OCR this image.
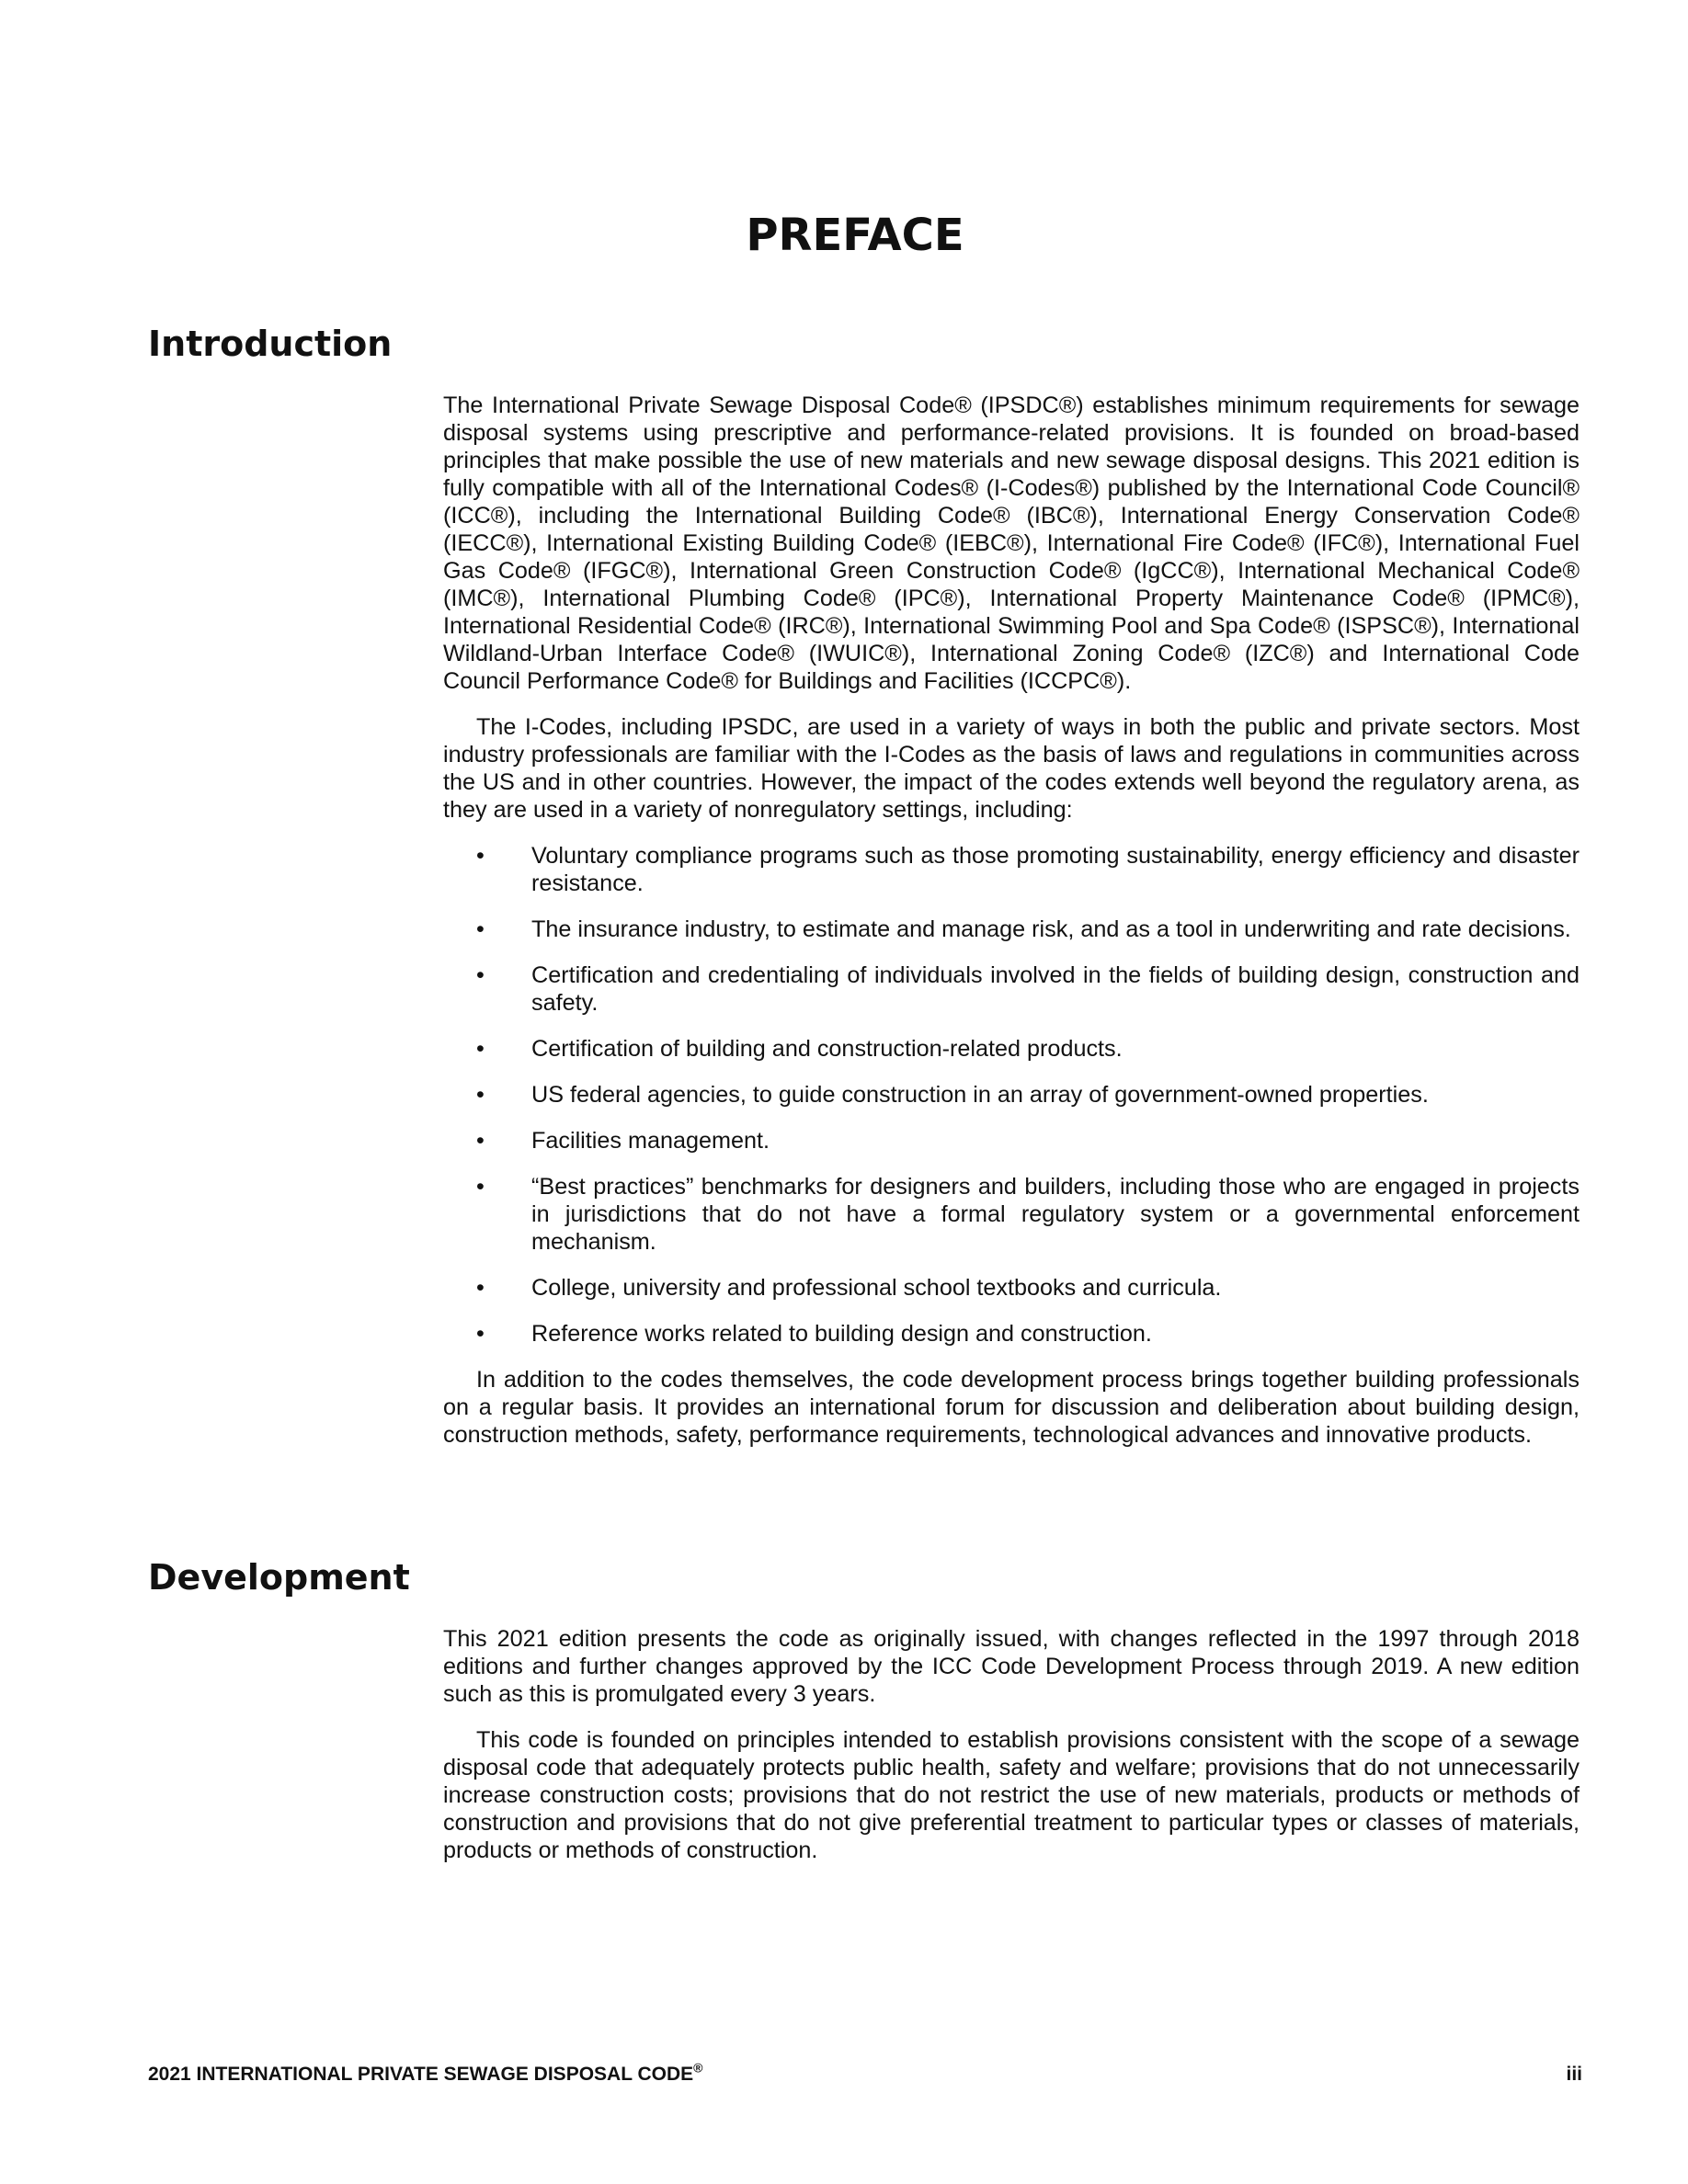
PREFACE
Introduction

The International Private Sewage Disposal Code® (IPSDC®) establishes minimum requirements for sewage disposal systems using prescriptive and performance-related provisions. It is founded on broad-based principles that make possible the use of new materials and new sewage disposal designs. This 2021 edition is fully compatible with all of the International Codes® (I-Codes®) published by the International Code Council® (ICC®), including the International Building Code® (IBC®), International Energy Conservation Code® (IECC®), International Existing Building Code® (IEBC®), International Fire Code® (IFC®), International Fuel Gas Code® (IFGC®), International Green Construction Code® (IgCC®), International Mechanical Code® (IMC®), International Plumbing Code® (IPC®), International Property Maintenance Code® (IPMC®), International Residential Code® (IRC®), International Swimming Pool and Spa Code® (ISPSC®), International Wildland-Urban Interface Code® (IWUIC®), International Zoning Code® (IZC®) and International Code Council Performance Code® for Buildings and Facilities (ICCPC®).

The I-Codes, including IPSDC, are used in a variety of ways in both the public and private sectors. Most industry professionals are familiar with the I-Codes as the basis of laws and regulations in communities across the US and in other countries. However, the impact of the codes extends well beyond the regulatory arena, as they are used in a variety of nonregulatory settings, including:

• Voluntary compliance programs such as those promoting sustainability, energy efficiency and disaster resistance.
• The insurance industry, to estimate and manage risk, and as a tool in underwriting and rate decisions.
• Certification and credentialing of individuals involved in the fields of building design, construction and safety.
• Certification of building and construction-related products.
• US federal agencies, to guide construction in an array of government-owned properties.
• Facilities management.
• “Best practices” benchmarks for designers and builders, including those who are engaged in projects in jurisdictions that do not have a formal regulatory system or a governmental enforcement mechanism.
• College, university and professional school textbooks and curricula.
• Reference works related to building design and construction.

In addition to the codes themselves, the code development process brings together building professionals on a regular basis. It provides an international forum for discussion and deliberation about building design, construction methods, safety, performance requirements, technological advances and innovative products.

Development

This 2021 edition presents the code as originally issued, with changes reflected in the 1997 through 2018 editions and further changes approved by the ICC Code Development Process through 2019. A new edition such as this is promulgated every 3 years.

This code is founded on principles intended to establish provisions consistent with the scope of a sewage disposal code that adequately protects public health, safety and welfare; provisions that do not unnecessarily increase construction costs; provisions that do not restrict the use of new materials, products or methods of construction and provisions that do not give preferential treatment to particular types or classes of materials, products or methods of construction.

2021 INTERNATIONAL PRIVATE SEWAGE DISPOSAL CODE®	iii
